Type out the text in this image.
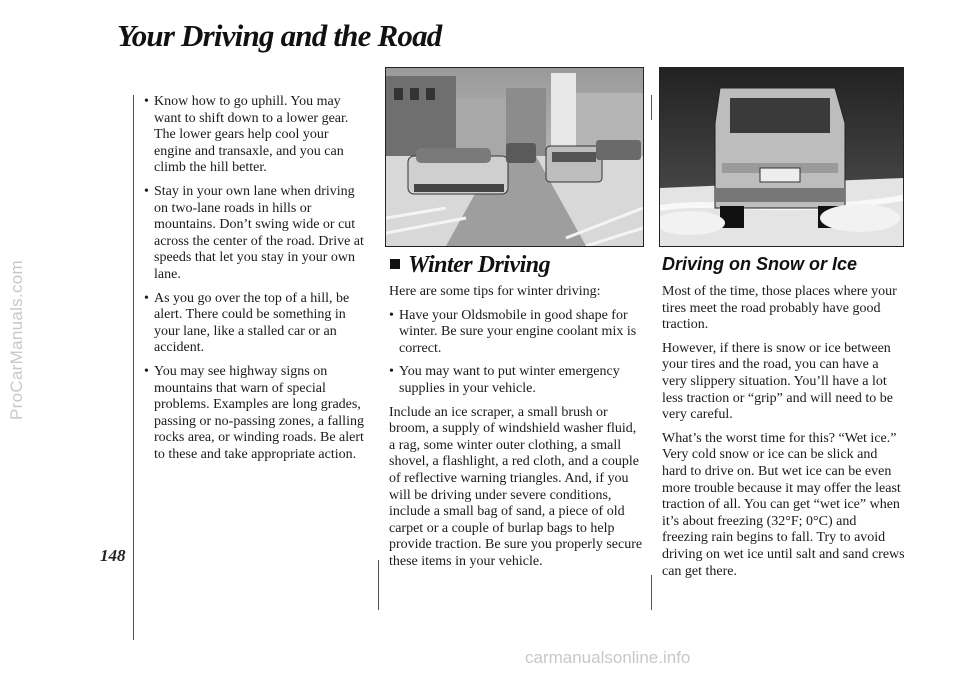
ProCarManuals.com
carmanualsonline.info
Your Driving and the Road
148
• Know how to go uphill. You may want to shift down to a lower gear. The lower gears help cool your engine and transaxle, and you can climb the hill better.
• Stay in your own lane when driving on two-lane roads in hills or mountains. Don’t swing wide or cut across the center of the road. Drive at speeds that let you stay in your own lane.
• As you go over the top of a hill, be alert. There could be something in your lane, like a stalled car or an accident.
• You may see highway signs on mountains that warn of special problems. Examples are long grades, passing or no-passing zones, a falling rocks area, or winding roads. Be alert to these and take appropriate action.
Winter Driving	Driving on Snow or Ice

Here are some tips for winter driving:

• Have your Oldsmobile in good shape for winter. Be sure your engine coolant mix is correct.
• You may want to put winter emergency supplies in your vehicle.

Include an ice scraper, a small brush or broom, a supply of windshield washer fluid, a rag, some winter outer clothing, a small shovel, a flashlight, a red cloth, and a couple of reflective warning triangles. And, if you will be driving under severe conditions, include a small bag of sand, a piece of old carpet or a couple of burlap bags to help provide traction. Be sure you properly secure these items in your vehicle.

Most of the time, those places where your tires meet the road probably have good traction.

However, if there is snow or ice between your tires and the road, you can have a very slippery situation. You’ll have a lot less traction or “grip” and will need to be very careful.

What’s the worst time for this? “Wet ice.” Very cold snow or ice can be slick and hard to drive on. But wet ice can be even more trouble because it may offer the least traction of all. You can get “wet ice” when it’s about freezing (32°F; 0°C) and freezing rain begins to fall. Try to avoid driving on wet ice until salt and sand crews can get there.
